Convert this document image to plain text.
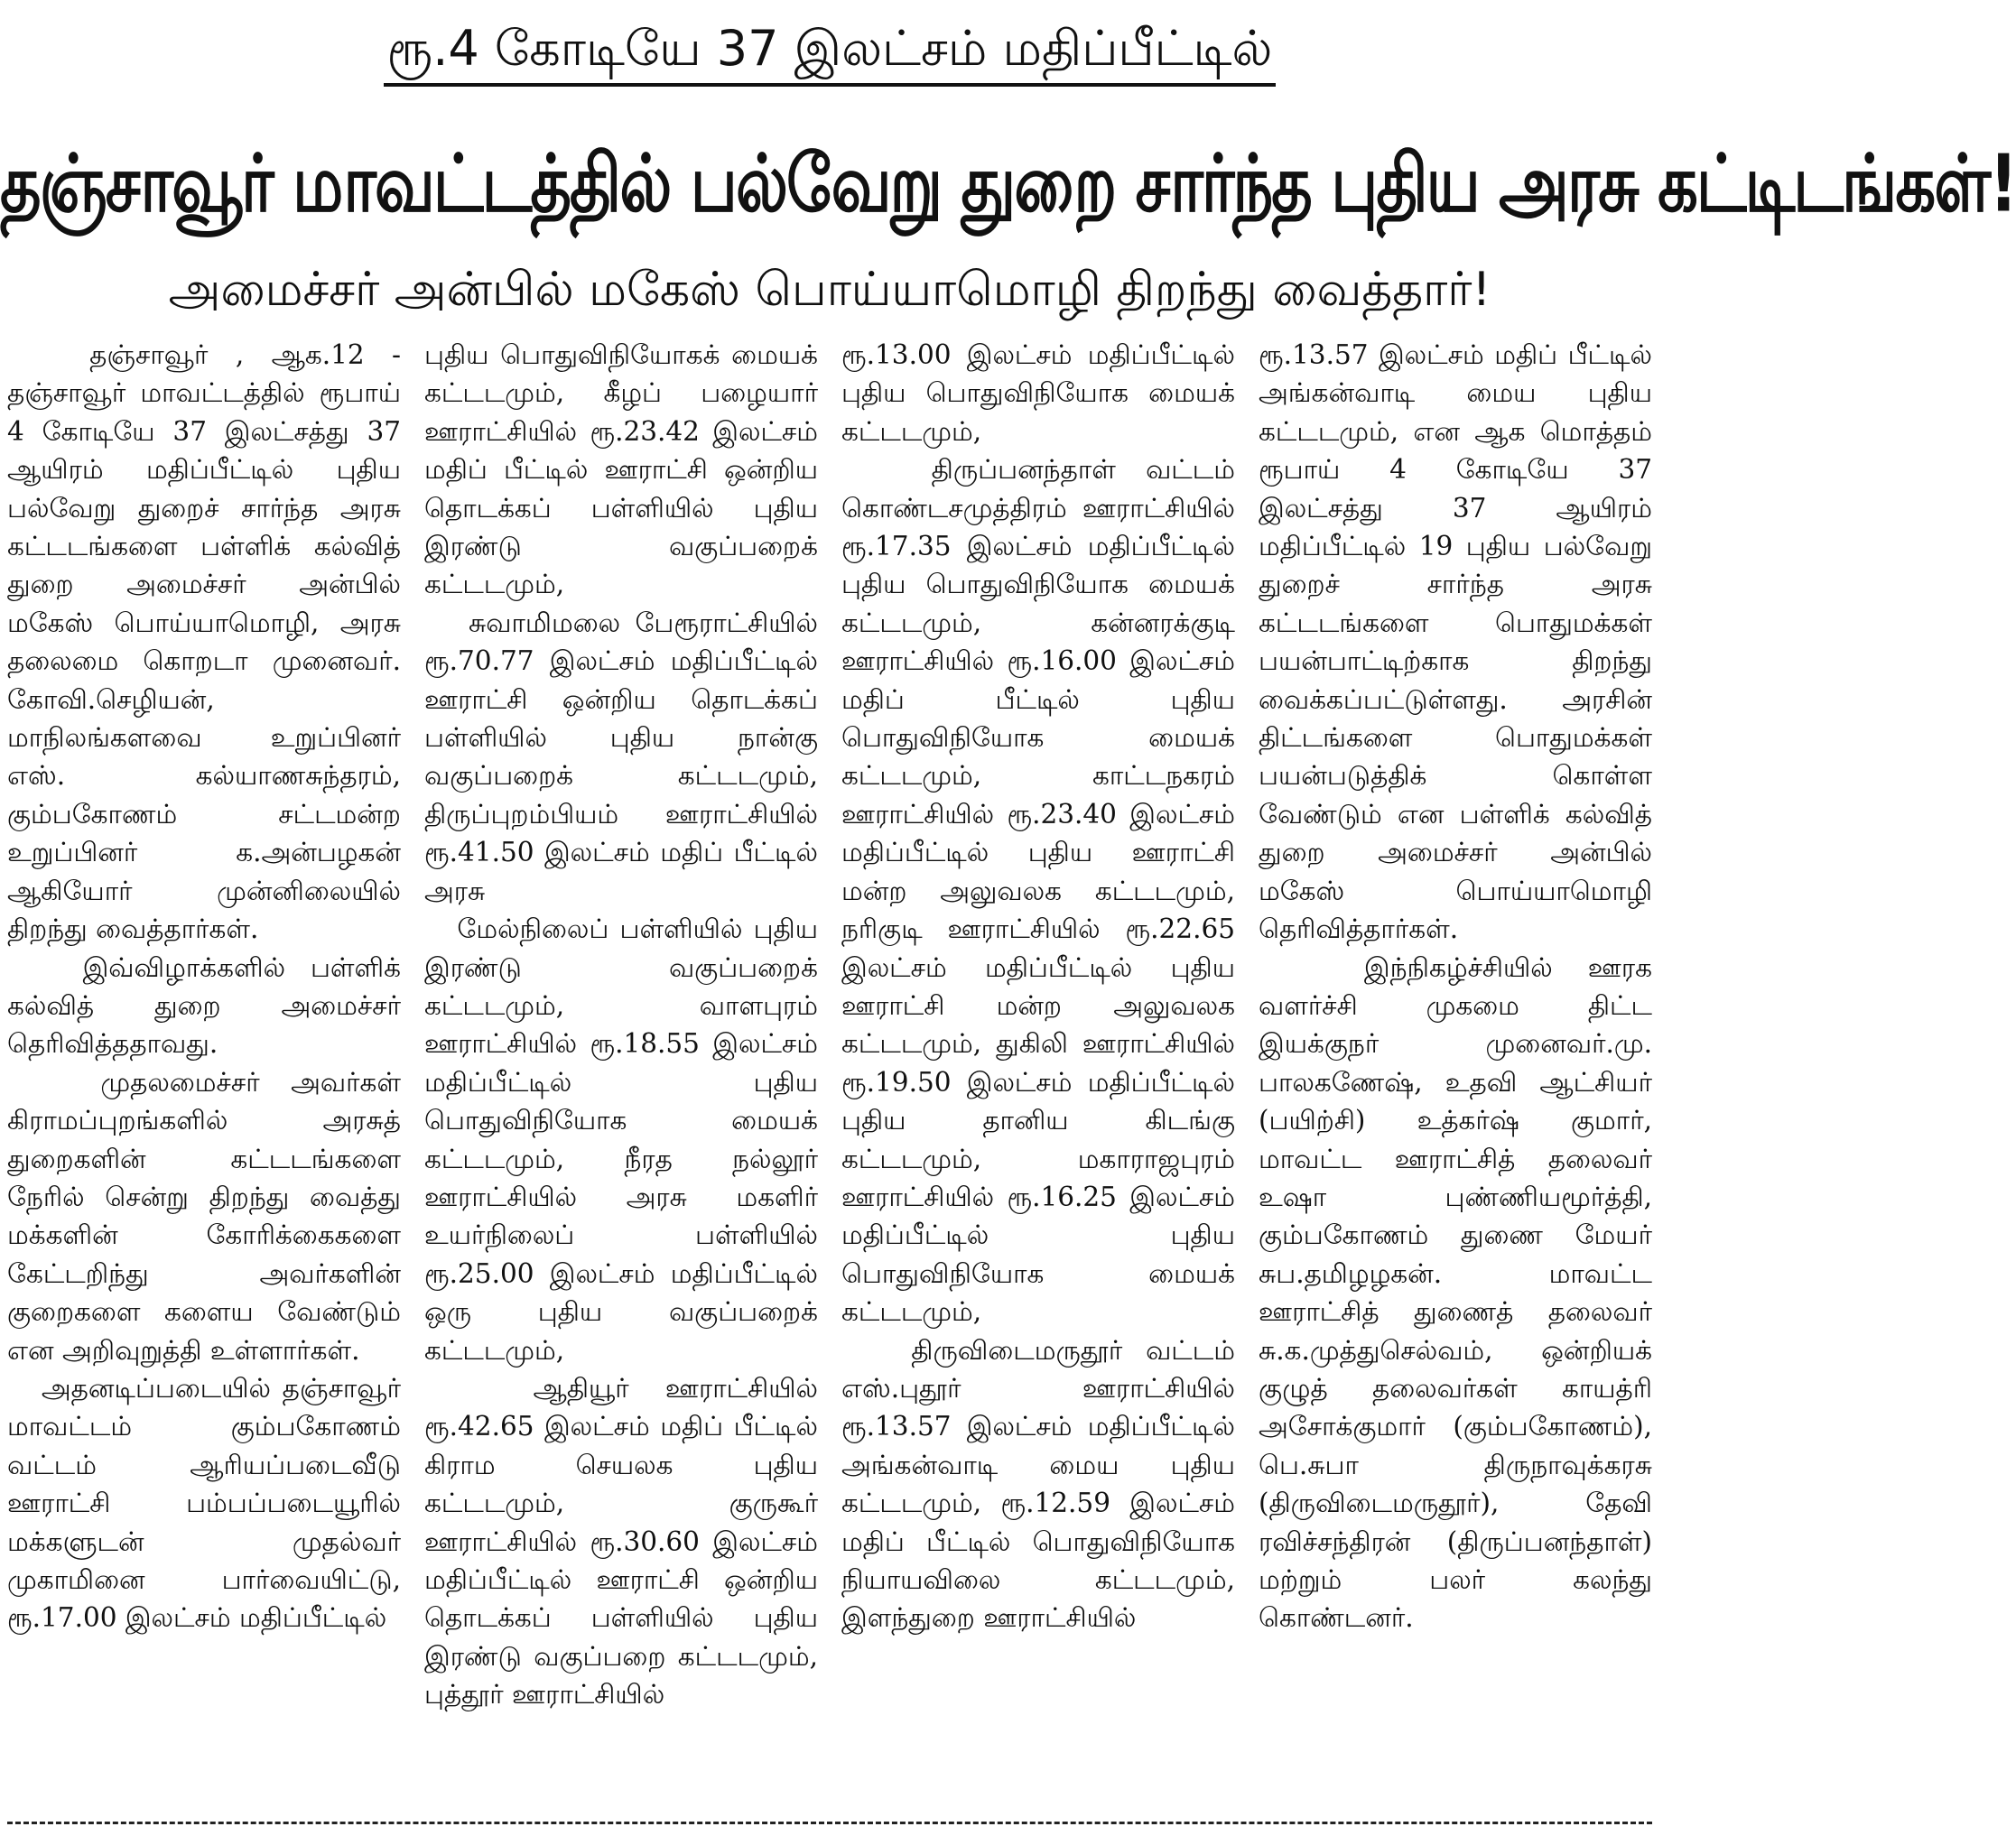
ரூ.4 கோடியே 37 இலட்சம் மதிப்பீட்டில்
தஞ்சாவூர் மாவட்டத்தில் பல்வேறு துறை சார்ந்த புதிய அரசு கட்டிடங்கள்!
அமைச்சர் அன்பில் மகேஸ் பொய்யாமொழி திறந்து வைத்தார்!

தஞ்சாவூர் , ஆக.12 - தஞ்சாவூர் மாவட்டத்தில் ரூபாய் 4 கோடியே 37 இலட்சத்து 37 ஆயிரம் மதிப்பீட்டில் புதிய பல்வேறு துறைச் சார்ந்த அரசு கட்டடங்களை பள்ளிக் கல்வித் துறை அமைச்சர் அன்பில் மகேஸ் பொய்யாமொழி, அரசு தலைமை கொறடா முனைவர். கோவி.செழியன், மாநிலங்களவை உறுப்பினர் எஸ். கல்யாணசுந்தரம், கும்பகோணம் சட்டமன்ற உறுப்பினர் க.அன்பழகன் ஆகியோர் முன்னிலையில் திறந்து வைத்தார்கள்.

இவ்விழாக்களில் பள்ளிக் கல்வித் துறை அமைச்சர் தெரிவித்ததாவது.

முதலமைச்சர் அவர்கள் கிராமப்புறங்களில் அரசுத் துறைகளின் கட்டடங்களை நேரில் சென்று திறந்து வைத்து மக்களின் கோரிக்கைகளை கேட்டறிந்து அவர்களின் குறைகளை களைய வேண்டும் என அறிவுறுத்தி உள்ளார்கள்.

அதனடிப்படையில் தஞ்சாவூர் மாவட்டம் கும்பகோணம் வட்டம் ஆரியப்படைவீடு ஊராட்சி பம்பப்படையூரில் மக்களுடன் முதல்வர் முகாமினை பார்வையிட்டு, ரூ.17.00 இலட்சம் மதிப்பீட்டில்

புதிய பொதுவிநியோகக் மையக் கட்டடமும், கீழப் பழையார் ஊராட்சியில் ரூ.23.42 இலட்சம் மதிப் பீட்டில் ஊராட்சி ஒன்றிய தொடக்கப் பள்ளியில் புதிய இரண்டு வகுப்பறைக் கட்டடமும்,

சுவாமிமலை பேரூராட்சியில் ரூ.70.77 இலட்சம் மதிப்பீட்டில் ஊராட்சி ஒன்றிய தொடக்கப் பள்ளியில் புதிய நான்கு வகுப்பறைக் கட்டடமும், திருப்புறம்பியம் ஊராட்சியில் ரூ.41.50 இலட்சம் மதிப் பீட்டில் அரசு

மேல்நிலைப் பள்ளியில் புதிய இரண்டு வகுப்பறைக் கட்டடமும், வாளபுரம் ஊராட்சியில் ரூ.18.55 இலட்சம் மதிப்பீட்டில் புதிய பொதுவிநியோக மையக் கட்டடமும், நீரத நல்லூர் ஊராட்சியில் அரசு மகளிர் உயர்நிலைப் பள்ளியில் ரூ.25.00 இலட்சம் மதிப்பீட்டில் ஒரு புதிய வகுப்பறைக் கட்டடமும்,

ஆதியூர் ஊராட்சியில் ரூ.42.65 இலட்சம் மதிப் பீட்டில் கிராம செயலக புதிய கட்டடமும், குருகூர் ஊராட்சியில் ரூ.30.60 இலட்சம் மதிப்பீட்டில் ஊராட்சி ஒன்றிய தொடக்கப் பள்ளியில் புதிய இரண்டு வகுப்பறை கட்டடமும், புத்தூர் ஊராட்சியில்

ரூ.13.00 இலட்சம் மதிப்பீட்டில் புதிய பொதுவிநியோக மையக் கட்டடமும்,

திருப்பனந்தாள் வட்டம் கொண்டசமுத்திரம் ஊராட்சியில் ரூ.17.35 இலட்சம் மதிப்பீட்டில் புதிய பொதுவிநியோக மையக் கட்டடமும், கன்னரக்குடி ஊராட்சியில் ரூ.16.00 இலட்சம் மதிப் பீட்டில் புதிய பொதுவிநியோக மையக் கட்டடமும், காட்டநகரம் ஊராட்சியில் ரூ.23.40 இலட்சம் மதிப்பீட்டில் புதிய ஊராட்சி மன்ற அலுவலக கட்டடமும், நரிகுடி ஊராட்சியில் ரூ.22.65 இலட்சம் மதிப்பீட்டில் புதிய ஊராட்சி மன்ற அலுவலக கட்டடமும், துகிலி ஊராட்சியில் ரூ.19.50 இலட்சம் மதிப்பீட்டில் புதிய தானிய கிடங்கு கட்டடமும், மகாராஜபுரம் ஊராட்சியில் ரூ.16.25 இலட்சம் மதிப்பீட்டில் புதிய பொதுவிநியோக மையக் கட்டடமும்,

திருவிடைமருதூர் வட்டம் எஸ்.புதூர் ஊராட்சியில் ரூ.13.57 இலட்சம் மதிப்பீட்டில் அங்கன்வாடி மைய புதிய கட்டடமும், ரூ.12.59 இலட்சம் மதிப் பீட்டில் பொதுவிநியோக நியாயவிலை கட்டடமும், இளந்துறை ஊராட்சியில்

ரூ.13.57 இலட்சம் மதிப் பீட்டில் அங்கன்வாடி மைய புதிய கட்டடமும், என ஆக மொத்தம் ரூபாய் 4 கோடியே 37 இலட்சத்து 37 ஆயிரம் மதிப்பீட்டில் 19 புதிய பல்வேறு துறைச் சார்ந்த அரசு கட்டடங்களை பொதுமக்கள் பயன்பாட்டிற்காக திறந்து வைக்கப்பட்டுள்ளது. அரசின் திட்டங்களை பொதுமக்கள் பயன்படுத்திக் கொள்ள வேண்டும் என பள்ளிக் கல்வித் துறை அமைச்சர் அன்பில் மகேஸ் பொய்யாமொழி தெரிவித்தார்கள்.

இந்நிகழ்ச்சியில் ஊரக வளர்ச்சி முகமை திட்ட இயக்குநர் முனைவர்.மு. பாலகணேஷ், உதவி ஆட்சியர் (பயிற்சி) உத்கர்ஷ் குமார், மாவட்ட ஊராட்சித் தலைவர் உஷா புண்ணியமூர்த்தி, கும்பகோணம் துணை மேயர் சுப.தமிழழகன். மாவட்ட ஊராட்சித் துணைத் தலைவர் சு.க.முத்துசெல்வம், ஒன்றியக் குழுத் தலைவர்கள் காயத்ரி அசோக்குமார் (கும்பகோணம்), பெ.சுபா திருநாவுக்கரசு (திருவிடைமருதூர்), தேவி ரவிச்சந்திரன் (திருப்பனந்தாள்) மற்றும் பலர் கலந்து கொண்டனர்.
